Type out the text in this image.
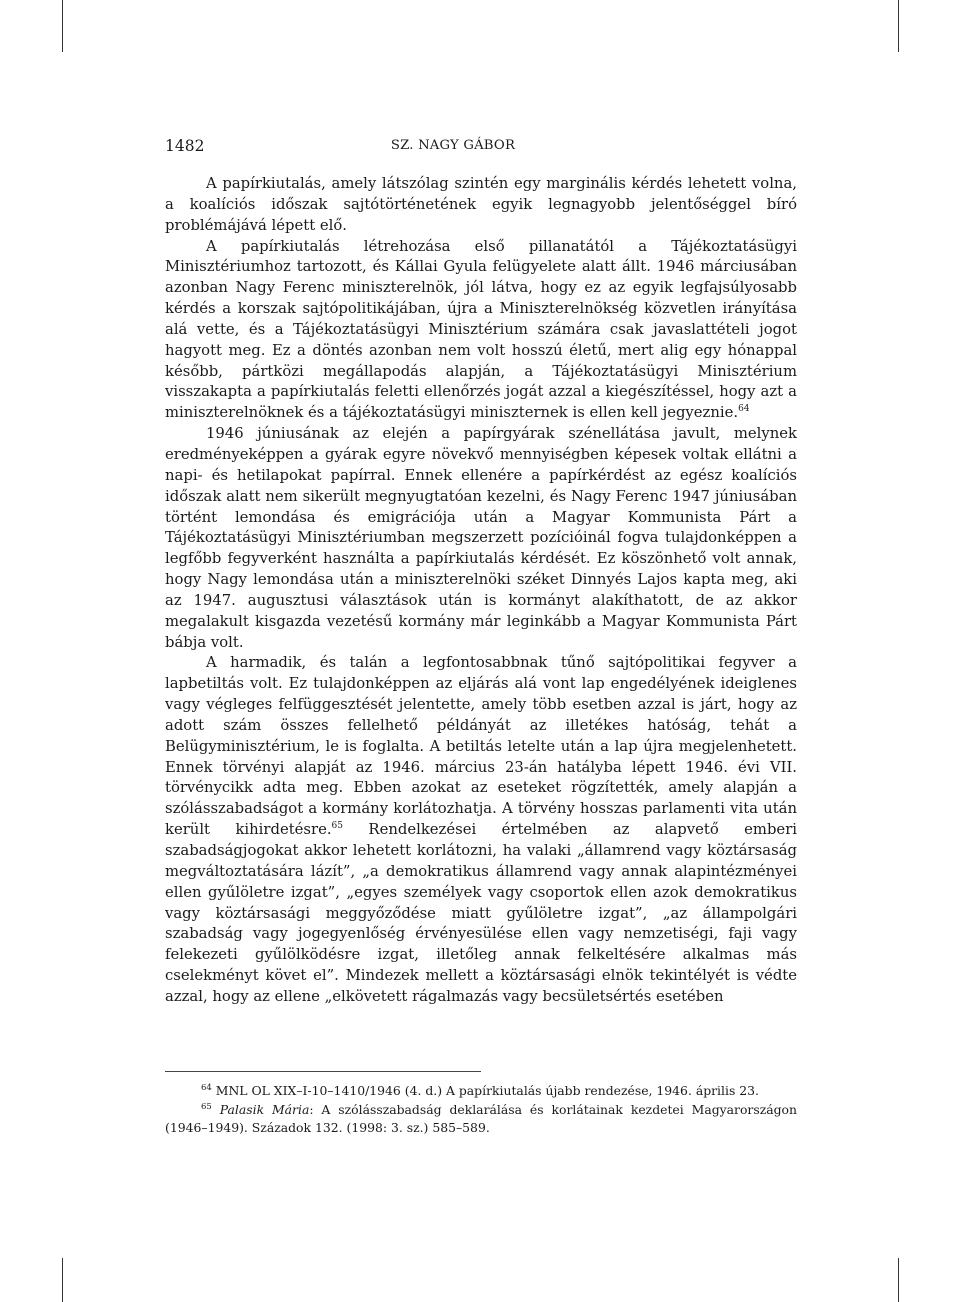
1482	SZ. NAGY GÁBOR

A papírkiutalás, amely látszólag szintén egy marginális kérdés lehetett volna, a koalíciós időszak sajtótörténetének egyik legnagyobb jelentőséggel bíró problémájává lépett elő.

A papírkiutalás létrehozása első pillanatától a Tájékoztatásügyi Minisztériumhoz tartozott, és Kállai Gyula felügyelete alatt állt. 1946 márciusában azonban Nagy Ferenc miniszterelnök, jól látva, hogy ez az egyik legfajsúlyosabb kérdés a korszak sajtópolitikájában, újra a Miniszterelnökség közvetlen irányítása alá vette, és a Tájékoztatásügyi Minisztérium számára csak javaslattételi jogot hagyott meg. Ez a döntés azonban nem volt hosszú életű, mert alig egy hónappal később, pártközi megállapodás alapján, a Tájékoztatásügyi Minisztérium visszakapta a papírkiutalás feletti ellenőrzés jogát azzal a kiegészítéssel, hogy azt a miniszterelnöknek és a tájékoztatásügyi miniszternek is ellen kell jegyeznie.$^{64}$

1946 júniusának az elején a papírgyárak szénellátása javult, melynek eredményeképpen a gyárak egyre növekvő mennyiségben képesek voltak ellátni a napi- és hetilapokat papírral. Ennek ellenére a papírkérdést az egész koalíciós időszak alatt nem sikerült megnyugtatóan kezelni, és Nagy Ferenc 1947 júniusában történt lemondása és emigrációja után a Magyar Kommunista Párt a Tájékoztatásügyi Minisztériumban megszerzett pozícióinál fogva tulajdonképpen a legfőbb fegyverként használta a papírkiutalás kérdését. Ez köszönhető volt annak, hogy Nagy lemondása után a miniszterelnöki széket Dinnyés Lajos kapta meg, aki az 1947. augusztusi választások után is kormányt alakíthatott, de az akkor megalakult kisgazda vezetésű kormány már leginkább a Magyar Kommunista Párt bábja volt.

A harmadik, és talán a legfontosabbnak tűnő sajtópolitikai fegyver a lapbetiltás volt. Ez tulajdonképpen az eljárás alá vont lap engedélyének ideiglenes vagy végleges felfüggesztését jelentette, amely több esetben azzal is járt, hogy az adott szám összes fellelhető példányát az illetékes hatóság, tehát a Belügyminisztérium, le is foglalta. A betiltás letelte után a lap újra megjelenhetett. Ennek törvényi alapját az 1946. március 23-án hatályba lépett 1946. évi VII. törvénycikk adta meg. Ebben azokat az eseteket rögzítették, amely alapján a szólásszabadságot a kormány korlátozhatja. A törvény hosszas parlamenti vita után került kihirdetésre.$^{65}$ Rendelkezései értelmében az alapvető emberi szabadságjogokat akkor lehetett korlátozni, ha valaki „államrend vagy köztársaság megváltoztatására lázít”, „a demokratikus államrend vagy annak alapintézményei ellen gyűlöletre izgat”, „egyes személyek vagy csoportok ellen azok demokratikus vagy köztársasági meggyőződése miatt gyűlöletre izgat”, „az állampolgári szabadság vagy jogegyenlőség érvényesülése ellen vagy nemzetiségi, faji vagy felekezeti gyűlölködésre izgat, illetőleg annak felkeltésére alkalmas más cselekményt követ el”. Mindezek mellett a köztársasági elnök tekintélyét is védte azzal, hogy az ellene „elkövetett rágalmazás vagy becsületsértés esetében

$^{64}$ MNL OL XIX–I-10–1410/1946 (4. d.) A papírkiutalás újabb rendezése, 1946. április 23.

$^{65}$ Palasik Mária: A szólásszabadság deklarálása és korlátainak kezdetei Magyarországon (1946–1949). Századok 132. (1998: 3. sz.) 585–589.
